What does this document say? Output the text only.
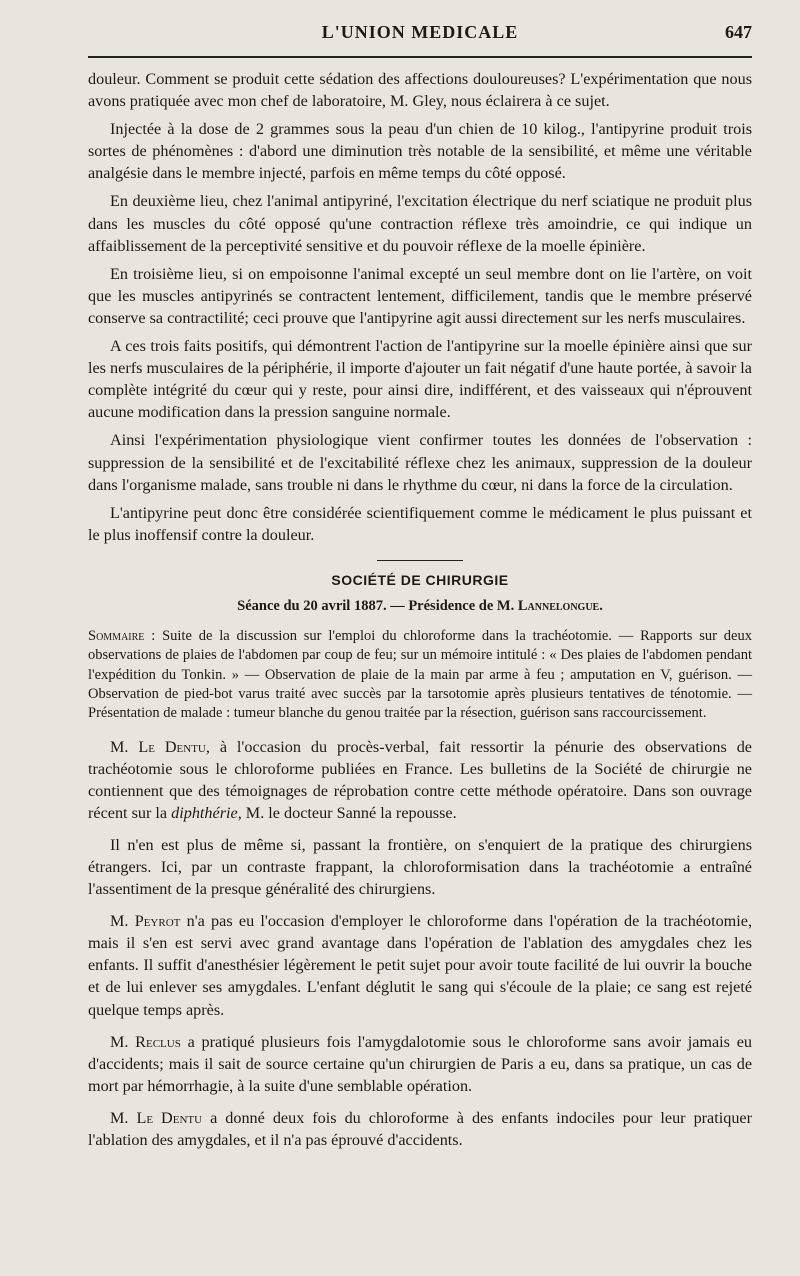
L'UNION MEDICALE	647

douleur. Comment se produit cette sédation des affections douloureuses? L'expérimentation que nous avons pratiquée avec mon chef de laboratoire, M. Gley, nous éclairera à ce sujet.

Injectée à la dose de 2 grammes sous la peau d'un chien de 10 kilog., l'antipyrine produit trois sortes de phénomènes : d'abord une diminution très notable de la sensibilité, et même une véritable analgésie dans le membre injecté, parfois en même temps du côté opposé.

En deuxième lieu, chez l'animal antipyriné, l'excitation électrique du nerf sciatique ne produit plus dans les muscles du côté opposé qu'une contraction réflexe très amoindrie, ce qui indique un affaiblissement de la perceptivité sensitive et du pouvoir réflexe de la moelle épinière.

En troisième lieu, si on empoisonne l'animal excepté un seul membre dont on lie l'artère, on voit que les muscles antipyrinés se contractent lentement, difficilement, tandis que le membre préservé conserve sa contractilité; ceci prouve que l'antipyrine agit aussi directement sur les nerfs musculaires.

A ces trois faits positifs, qui démontrent l'action de l'antipyrine sur la moelle épinière ainsi que sur les nerfs musculaires de la périphérie, il importe d'ajouter un fait négatif d'une haute portée, à savoir la complète intégrité du cœur qui y reste, pour ainsi dire, indifférent, et des vaisseaux qui n'éprouvent aucune modification dans la pression sanguine normale.

Ainsi l'expérimentation physiologique vient confirmer toutes les données de l'observation : suppression de la sensibilité et de l'excitabilité réflexe chez les animaux, suppression de la douleur dans l'organisme malade, sans trouble ni dans le rhythme du cœur, ni dans la force de la circulation.

L'antipyrine peut donc être considérée scientifiquement comme le médicament le plus puissant et le plus inoffensif contre la douleur.

SOCIÉTÉ DE CHIRURGIE
Séance du 20 avril 1887. — Présidence de M. Lannelongue.

Sommaire : Suite de la discussion sur l'emploi du chloroforme dans la trachéotomie. — Rapports sur deux observations de plaies de l'abdomen par coup de feu; sur un mémoire intitulé : « Des plaies de l'abdomen pendant l'expédition du Tonkin. » — Observation de plaie de la main par arme à feu ; amputation en V, guérison. — Observation de pied-bot varus traité avec succès par la tarsotomie après plusieurs tentatives de ténotomie. — Présentation de malade : tumeur blanche du genou traitée par la résection, guérison sans raccourcissement.

M. Le Dentu, à l'occasion du procès-verbal, fait ressortir la pénurie des observations de trachéotomie sous le chloroforme publiées en France. Les bulletins de la Société de chirurgie ne contiennent que des témoignages de réprobation contre cette méthode opératoire. Dans son ouvrage récent sur la diphthérie, M. le docteur Sanné la repousse.

Il n'en est plus de même si, passant la frontière, on s'enquiert de la pratique des chirurgiens étrangers. Ici, par un contraste frappant, la chloroformisation dans la trachéotomie a entraîné l'assentiment de la presque généralité des chirurgiens.

M. Peyrot n'a pas eu l'occasion d'employer le chloroforme dans l'opération de la trachéotomie, mais il s'en est servi avec grand avantage dans l'opération de l'ablation des amygdales chez les enfants. Il suffit d'anesthésier légèrement le petit sujet pour avoir toute facilité de lui ouvrir la bouche et de lui enlever ses amygdales. L'enfant déglutit le sang qui s'écoule de la plaie; ce sang est rejeté quelque temps après.

M. Reclus a pratiqué plusieurs fois l'amygdalotomie sous le chloroforme sans avoir jamais eu d'accidents; mais il sait de source certaine qu'un chirurgien de Paris a eu, dans sa pratique, un cas de mort par hémorrhagie, à la suite d'une semblable opération.

M. Le Dentu a donné deux fois du chloroforme à des enfants indociles pour leur pratiquer l'ablation des amygdales, et il n'a pas éprouvé d'accidents.
